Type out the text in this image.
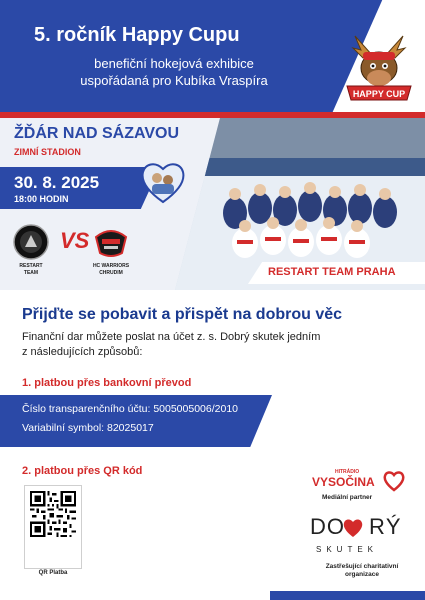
5. ročník Happy Cupu
benefiční hokejová exhibice
uspořádaná pro Kubíka Vraspíra
HAPPY CUP
ŽĎÁR NAD SÁZAVOU
ZIMNÍ STADION
30. 8. 2025
18:00 HODIN
RESTART
TEAM
VS
HC WARRIORS
CHRUDIM	RESTART TEAM PRAHA
Přijďte se pobavit a přispět na dobrou věc
Finanční dar můžete poslat na účet z. s. Dobrý skutek jedním
z následujících způsobů:
1. platbou přes bankovní převod
Číslo transparenčního účtu: 5005005006/2010
Variabilní symbol: 82025017
2. platbou přes QR kód
QR Platba
HITRÁDIO
VYSOČINA
Mediální partner
DO RÝ
SKUTEK
Zastřešující charitativní
organizace
